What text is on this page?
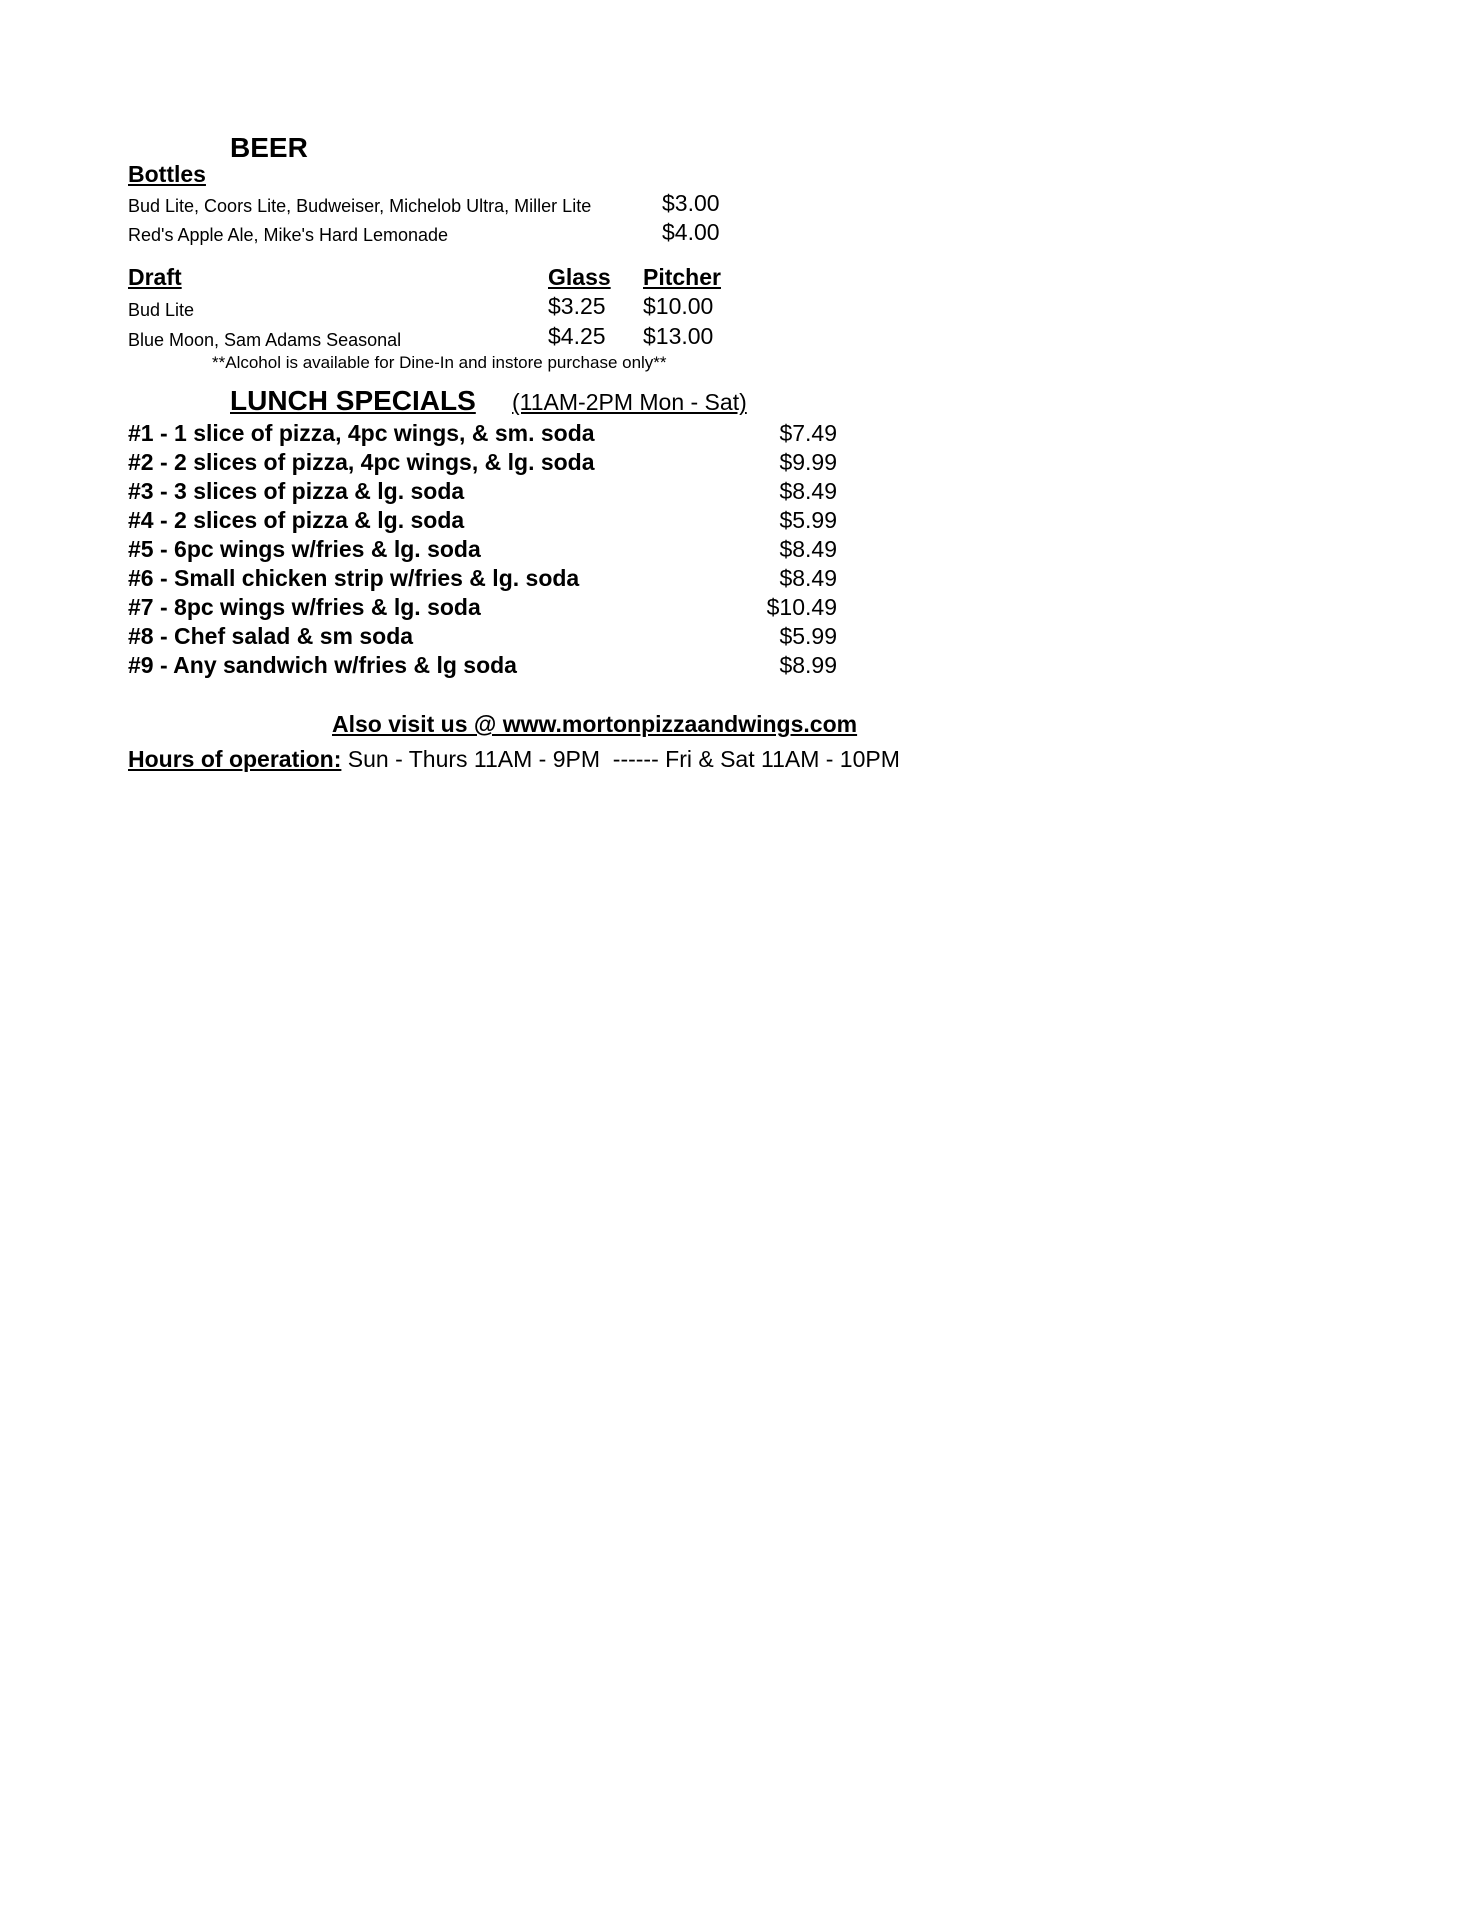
BEER
Bottles
Bud Lite, Coors Lite, Budweiser, Michelob Ultra, Miller Lite	$3.00
Red's Apple Ale, Mike's Hard Lemonade	$4.00
Draft	Glass Pitcher
Bud Lite	$3.25 $10.00
Blue Moon, Sam Adams Seasonal	$4.25 $13.00
**Alcohol is available for Dine-In and instore purchase only**
LUNCH SPECIALS (11AM-2PM Mon - Sat)
#1 - 1 slice of pizza, 4pc wings, & sm. soda	$7.49
#2 - 2 slices of pizza, 4pc wings, & lg. soda	$9.99
#3 - 3 slices of pizza & lg. soda	$8.49
#4 - 2 slices of pizza & lg. soda	$5.99
#5 - 6pc wings w/fries & lg. soda	$8.49
#6 - Small chicken strip w/fries & lg. soda	$8.49
#7 - 8pc wings w/fries & lg. soda	$10.49
#8 - Chef salad & sm soda	$5.99
#9 - Any sandwich w/fries & lg soda	$8.99
Also visit us @ www.mortonpizzaandwings.com
Hours of operation: Sun - Thurs 11AM - 9PM  ------ Fri & Sat 11AM - 10PM
